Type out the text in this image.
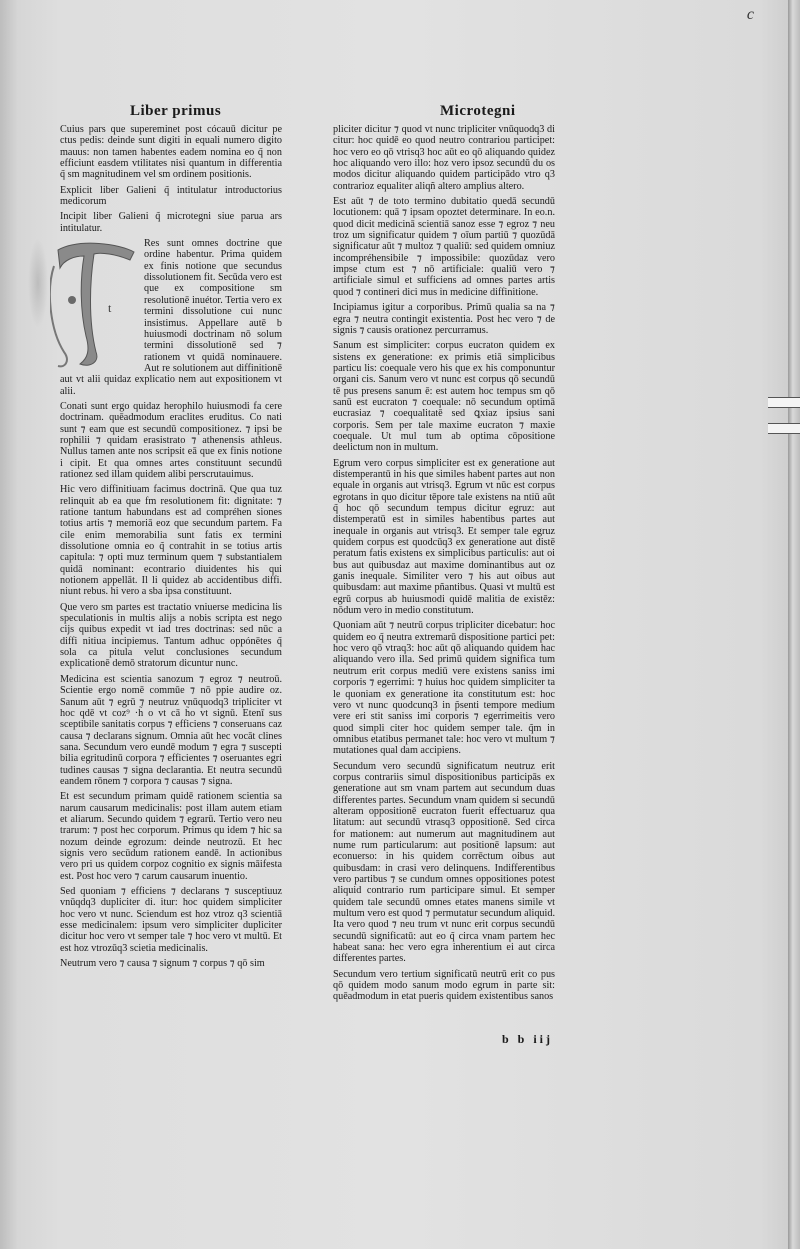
c
Liber primus	Microtegni

Cuius pars que supereminet post cócauū dicitur pe ctus pedis: deinde sunt digiti in equali numero digito mauus: non tamen habentes eadem nomina eo q̃ non efficiunt easdem vtilitates nisi quantum in differentia q̃ sm magnitudinem vel sm ordinem positionis.

Explicit liber Galieni q̃ intitulatur introductorius medicorum

Incipit liber Galieni q̃ microtegni siue parua ars intitulatur.

t

Res sunt omnes doctrine que ordine habentur. Prima quidem ex finis notione que secundus dissolutionem fit. Secūda vero est que ex compositione sm resolutionē inuétor. Tertia vero ex termini dissolutione cui nunc insistimus. Appellare autē b huiusmodi doctrinam nō solum termini dissolutionē sed ⁊ rationem vt quidā nominauere. Aut re solutionem aut diffinitionē aut vt alii quidaz explicatio nem aut expositionem vt alii.

Conati sunt ergo quidaz herophilo huiusmodi fa cere doctrinam. quēadmodum eraclites eruditus. Co nati sunt ⁊ eam que est secundū compositionez. ⁊ ipsi be rophilii ⁊ quidam erasistrato ⁊ athenensis athleus. Nullus tamen ante nos scripsit eā que ex finis notione i cipit. Et qua omnes artes constituunt secundū rationez sed illam quidem alibi perscrutauimus.

Hic vero diffinitiuam facimus doctrinā. Que qua tuz relinquit ab ea que fm resolutionem fit: dignitate: ⁊ ratione tantum habundans est ad compréhen siones totius artis ⁊ memoriā eoz que secundum partem. Fa cile enim memorabilia sunt fatis ex termini dissolutione omnia eo q̃ contrahit in se totius artis capitula: ⁊ opti muz terminum quem ⁊ substantialem quidā nominant: econtrario diuidentes his qui notionem appellāt. Il li quidez ab accidentibus diffi. niunt rebus. hi vero a sba ipsa constituunt.

Que vero sm partes est tractatio vniuerse medicina lis speculationis in multis alijs a nobis scripta est nego cijs quibus expedit vt iad tres doctrinas: sed nūc a diffi nitiua incipiemus. Tantum adhuc oppónētes q̃ sola ca pitula velut conclusiones secundum explicationē demō stratorum dicuntur nunc.

Medicina est scientia sanozum ⁊ egroz ⁊ neutroū. Scientie ergo nomē commūe ⁊ nō ppie audire oz. Sanum aūt ⁊ egrū ⁊ neutruz vnūquodq3 tripliciter vt hoc qdē vt coz⁹ ·h̃ o vt cā h̃o vt signū. Etenī sus sceptibile sanitatis corpus ⁊ efficiens ⁊ conseruans caz causa ⁊ declarans signum. Omnia aūt hec vocāt clines sana. Secundum vero eundē modum ⁊ egra ⁊ suscepti bilia egritudinū corpora ⁊ efficientes ⁊ oseruantes egri tudines causas ⁊ signa declarantia. Et neutra secundū eandem rōnem ⁊ corpora ⁊ causas ⁊ signa.

Et est secundum primam quidē rationem scientia sa narum causarum medicinalis: post illam autem etiam et aliarum. Secundo quidem ⁊ egrarū. Tertio vero neu trarum: ⁊ post hec corporum. Primus qu idem ⁊ hic sa nozum deinde egrozum: deinde neutrozū. Et hec signis vero secūdum rationem eandē. In actionibus vero pri us quidem corpoz cognitio ex signis māifesta est. Post hoc vero ⁊ carum causarum inuentio.

Sed quoniam ⁊ efficiens ⁊ declarans ⁊ susceptiuuz vnūqdq3 dupliciter di. itur: hoc quidem simpliciter hoc vero vt nunc. Sciendum est hoz vtroz q3 scientiā esse medicinalem: ipsum vero simpliciter dupliciter dicitur hoc vero vt semper tale ⁊ hoc vero vt multū. Et est hoz vtrozūq3 scietia medicinalis.

Neutrum vero ⁊ causa ⁊ signum ⁊ corpus ⁊ qō sim

pliciter dicitur ⁊ quod vt nunc tripliciter vnūquodq3 di citur: hoc quidē eo quod neutro contrariou participet: hoc vero eo qō vtrisq3 hoc aūt eo qō aliquando quidez hoc aliquando vero illo: hoz vero ipsoz secundū du os modos dicitur aliquando quidem participādo vtro q3 contrarioz equaliter aliqñ altero amplius altero.

Est aūt ⁊ de toto termino dubitatio quedā secundū locutionem: quā ⁊ ipsam opoztet determinare. In eo.n. quod dicit medicinā scientiā sanoz esse ⁊ egroz ⁊ neu troz um significatur quidem ⁊ oīum partiū ⁊ quozūdā significatur aūt ⁊ multoz ⁊ qualiū: sed quidem omniuz incompréhensibile ⁊ impossibile: quozūdaz vero impse ctum est ⁊ nō artificiale: qualiū vero ⁊ artificiale simul et sufficiens ad omnes partes artis quod ⁊ contineri dici mus in medicine diffinitione.

Incipiamus igitur a corporibus. Primū qualia sa na ⁊ egra ⁊ neutra contingit existentia. Post hec vero ⁊ de signis ⁊ causis orationez percurramus.

Sanum est simpliciter: corpus eucraton quidem ex sistens ex generatione: ex primis etiā simplicibus particu lis: coequale vero his que ex his componuntur organi cis. Sanum vero vt nunc est corpus qō secundū tē pus presens sanum ē: est autem hoc tempus sm qō sanū est eucraton ⁊ coequale: nō secundum optimā eucrasiaz ⁊ coequalitatē sed ꝗxiaz ipsius sani corporis. Sem per tale maxime eucraton ⁊ maxie coequale. Ut mul tum ab optima cōpositione deelictum non in multum.

Egrum vero corpus simpliciter est ex generatione aut distemperantū in his que similes habent partes aut non equale in organis aut vtrisq3. Egrum vt nūc est corpus egrotans in quo dicitur tēpore tale existens na ntiū aūt q̃ hoc qō secundum tempus dicitur egruz: aut distemperatū est in similes habentibus partes aut inequale in organis aut vtrisq3. Et semper tale egruz quidem corpus est quodcūq3 ex generatione aut distē peratum fatis existens ex simplicibus particulis: aut oi bus aut quibusdaz aut maxime dominantibus aut oz ganis inequale. Similiter vero ⁊ his aut oibus aut quibusdam: aut maxime pñantibus. Quasi vt multū est egrū corpus ab huiusmodi quidē malitia de existēz: nōdum vero in medio constitutum.

Quoniam aūt ⁊ neutrū corpus tripliciter dicebatur: hoc quidem eo q̃ neutra extremarū dispositione partici pet: hoc vero qō vtraq3: hoc aūt qō aliquando quidem hac aliquando vero illa. Sed primū quidem significa tum neutrum erit corpus mediū vere existens saniss imi corporis ⁊ egerrimi: ⁊ huius hoc quidem simpliciter ta le quoniam ex generatione ita constitutum est: hoc vero vt nunc quodcunq3 in p̃senti tempore medium vere eri stit saniss imi corporis ⁊ egerrimeitis vero quod simpli citer hoc quidem semper tale. q̃m in omnibus etatibus permanet tale: hoc vero vt multum ⁊ mutationes qual dam accipiens.

Secundum vero secundū significatum neutruz erit corpus contrariis simul dispositionibus participās ex generatione aut sm vnam partem aut secundum duas differentes partes. Secundum vnam quidem si secundū alteram oppositionē eucraton fuerit effectuaruz qua litatum: aut secundū vtrasq3 oppositionē. Sed circa for mationem: aut numerum aut magnitudinem aut nume rum particularum: aut positionē lapsum: aut econuerso: in his quidem corrēctum oibus aut quibusdam: in crasi vero delinquens. Indifferentibus vero partibus ⁊ se cundum omnes oppositiones potest aliquid contrario rum participare simul. Et semper quidem tale secundū omnes etates manens simile vt multum vero est quod ⁊ permutatur secundum aliquid. Ita vero quod ⁊ neu trum vt nunc erit corpus secundū secundū significatū: aut eo q̃ circa vnam partem hec habeat sana: hec vero egra inherentium ei aut circa differentes partes.

Secundum vero tertium significatū neutrū erit co pus qō quidem modo sanum modo egrum in parte sit: quēadmodum in etat pueris quidem existentibus sanos

b b iij
